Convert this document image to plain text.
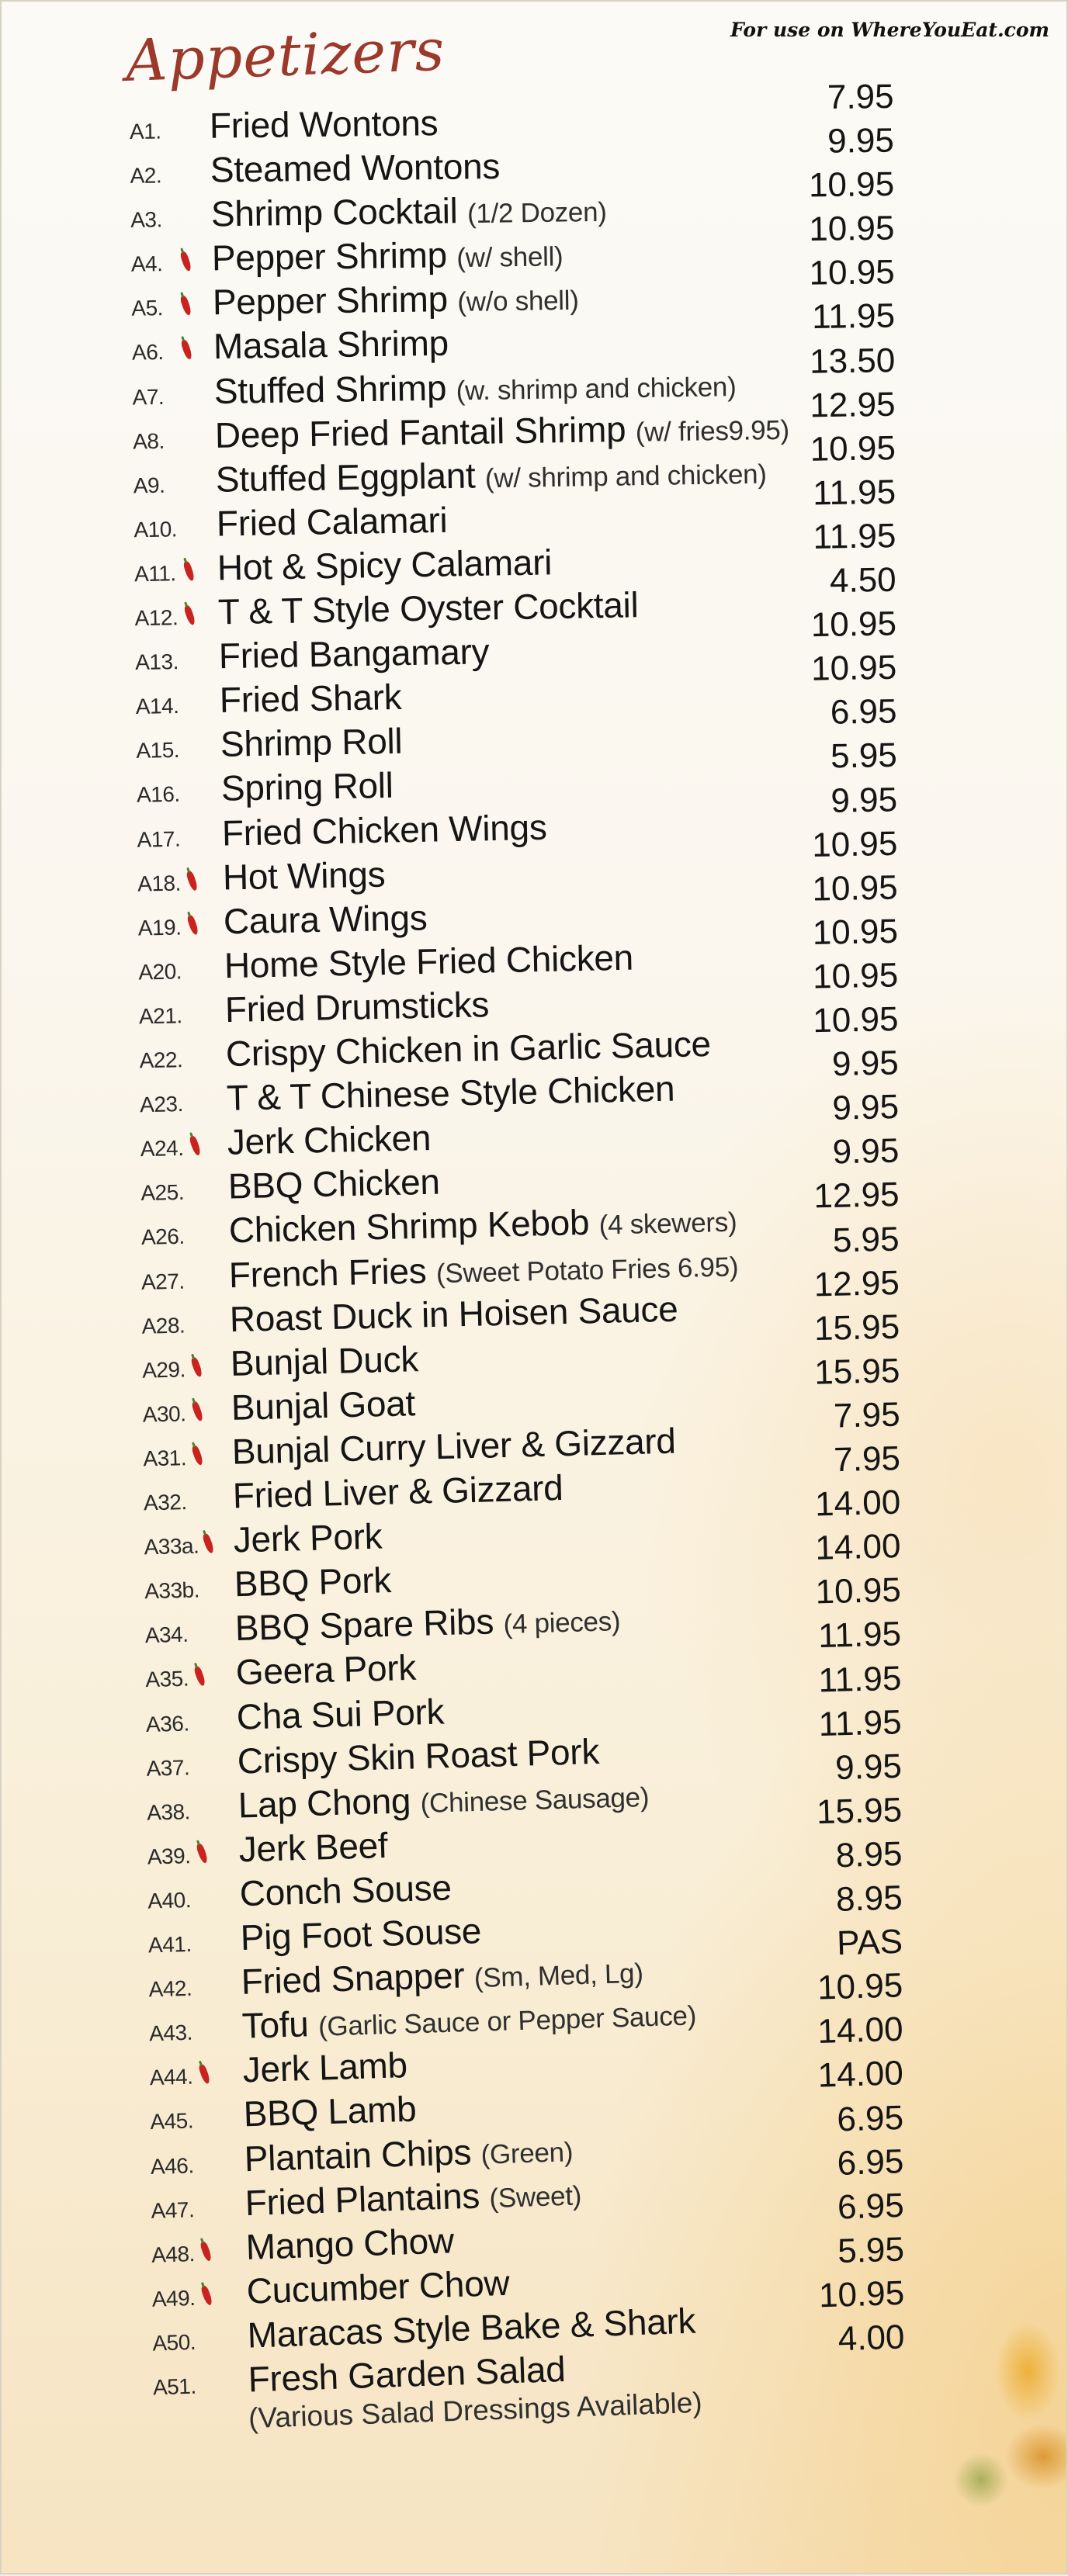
For use on WhereYouEat.com
Appetizers
A1. Fried Wontons
7.95
A2. Steamed Wontons
9.95
A3. Shrimp Cocktail (1/2 Dozen)
10.95
A4. Pepper Shrimp (w/ shell)
10.95
A5. Pepper Shrimp (w/o shell)
10.95
A6. Masala Shrimp
11.95
A7. Stuffed Shrimp (w. shrimp and chicken)
13.50
A8. Deep Fried Fantail Shrimp (w/ fries9.95)
12.95
A9. Stuffed Eggplant (w/ shrimp and chicken)
10.95
A10. Fried Calamari
11.95
A11. Hot & Spicy Calamari
11.95
A12. T & T Style Oyster Cocktail
4.50
A13. Fried Bangamary
10.95
A14. Fried Shark
10.95
A15. Shrimp Roll
6.95
A16. Spring Roll
5.95
A17. Fried Chicken Wings
9.95
A18. Hot Wings
10.95
A19. Caura Wings
10.95
A20. Home Style Fried Chicken
10.95
A21. Fried Drumsticks
10.95
A22. Crispy Chicken in Garlic Sauce
10.95
A23. T & T Chinese Style Chicken
9.95
A24. Jerk Chicken
9.95
A25. BBQ Chicken
9.95
A26. Chicken Shrimp Kebob (4 skewers)
12.95
A27. French Fries (Sweet Potato Fries 6.95)
5.95
A28. Roast Duck in Hoisen Sauce
12.95
A29. Bunjal Duck
15.95
A30. Bunjal Goat
15.95
A31. Bunjal Curry Liver & Gizzard
7.95
A32. Fried Liver & Gizzard
7.95
A33a. Jerk Pork
14.00
A33b. BBQ Pork
14.00
A34. BBQ Spare Ribs (4 pieces)
10.95
A35. Geera Pork
11.95
A36. Cha Sui Pork
11.95
A37. Crispy Skin Roast Pork
11.95
A38. Lap Chong (Chinese Sausage)
9.95
A39. Jerk Beef
15.95
A40. Conch Souse
8.95
A41. Pig Foot Souse
8.95
A42. Fried Snapper (Sm, Med, Lg)
PAS
A43. Tofu (Garlic Sauce or Pepper Sauce)
10.95
A44. Jerk Lamb
14.00
A45. BBQ Lamb
14.00
A46. Plantain Chips (Green)
6.95
A47. Fried Plantains (Sweet)
6.95
A48. Mango Chow
6.95
A49. Cucumber Chow
5.95
A50. Maracas Style Bake & Shark
10.95
A51. Fresh Garden Salad
4.00
(Various Salad Dressings Available)
